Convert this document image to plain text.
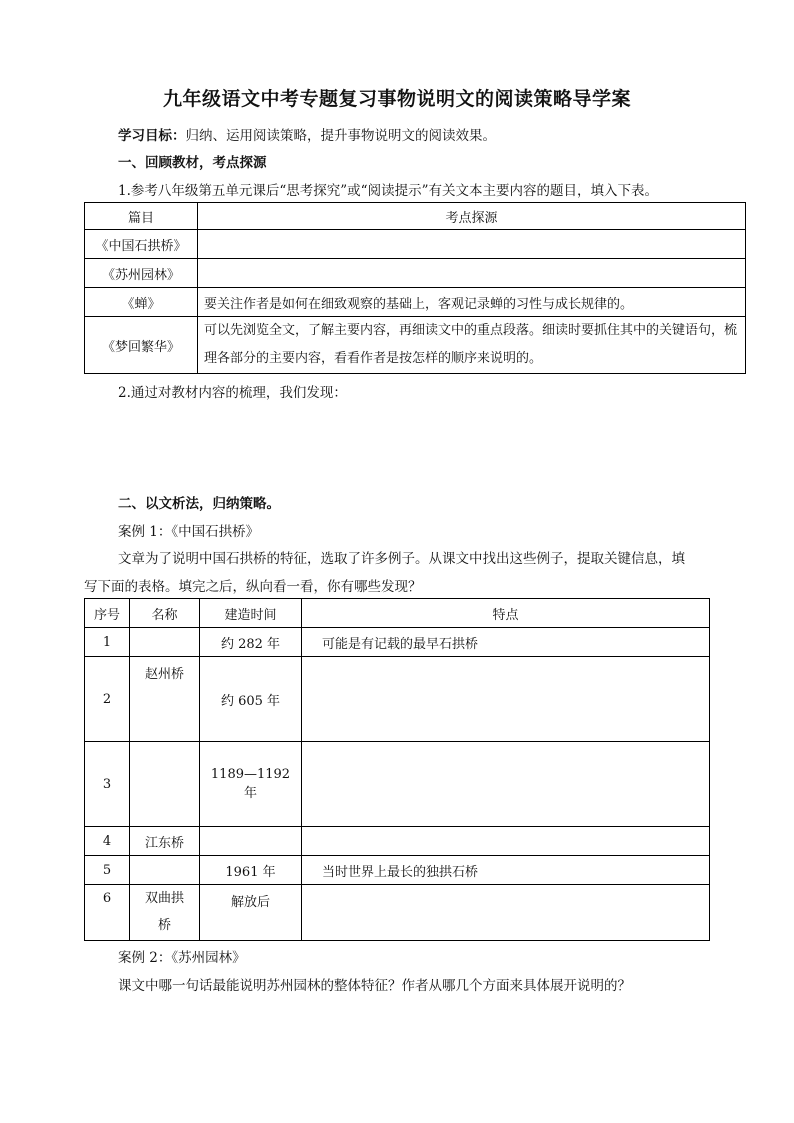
九年级语文中考专题复习事物说明文的阅读策略导学案
学习目标：归纳、运用阅读策略，提升事物说明文的阅读效果。
一、回顾教材，考点探源
1.参考八年级第五单元课后“思考探究”或“阅读提示”有关文本主要内容的题目，填入下表。
篇目	考点探源
《中国石拱桥》	
《苏州园林》	
《蝉》	要关注作者是如何在细致观察的基础上，客观记录蝉的习性与成长规律的。
《梦回繁华》	可以先浏览全文，了解主要内容，再细读文中的重点段落。细读时要抓住其中的关键语句，梳理各部分的主要内容，看看作者是按怎样的顺序来说明的。
2.通过对教材内容的梳理，我们发现：
二、以文析法，归纳策略。
案例 1：《中国石拱桥》
文章为了说明中国石拱桥的特征，选取了许多例子。从课文中找出这些例子，提取关键信息，填
写下面的表格。填完之后，纵向看一看，你有哪些发现？
序号	名称	建造时间	特点
1		约 282 年	可能是有记载的最早石拱桥
2	赵州桥	约 605 年	
3		1189—1192 年	
4	江东桥		
5		1961 年	当时世界上最长的独拱石桥
6	双曲拱桥	解放后	
案例 2：《苏州园林》
课文中哪一句话最能说明苏州园林的整体特征？作者从哪几个方面来具体展开说明的？
